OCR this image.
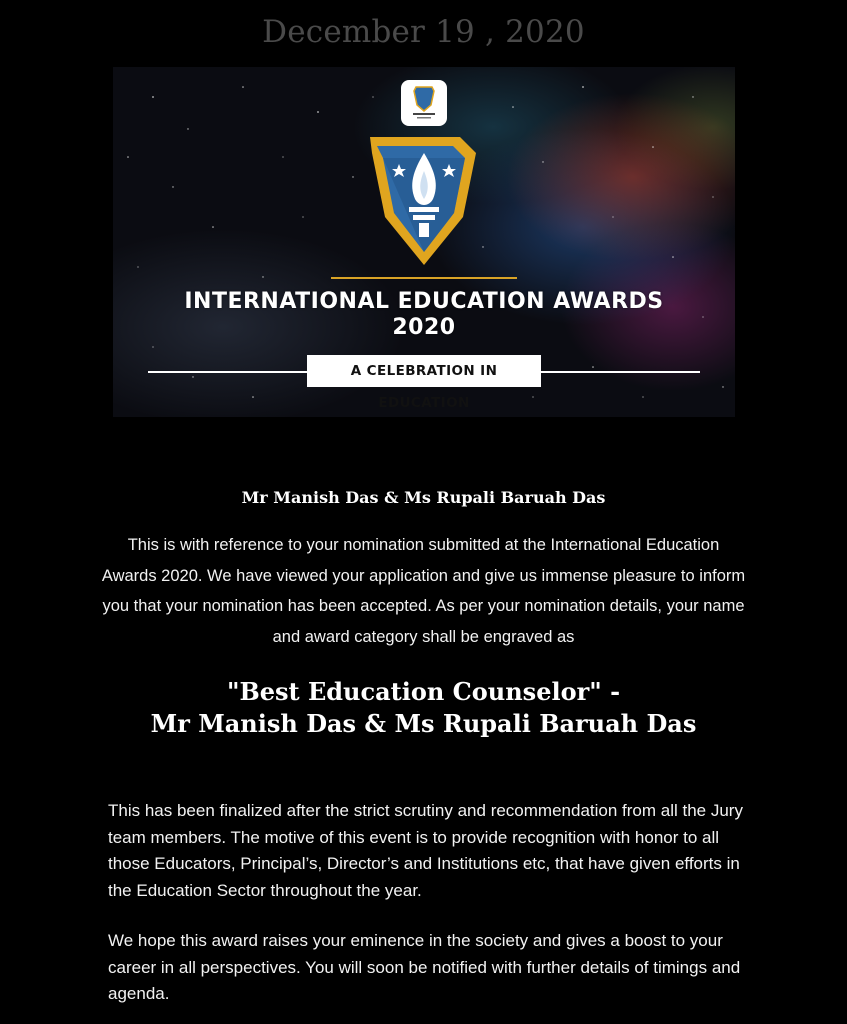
December 19 , 2020
INTERNATIONAL EDUCATION AWARDS
2020
A CELEBRATION IN EDUCATION
Mr Manish Das & Ms Rupali Baruah Das
This is with reference to your nomination submitted at the International Education Awards 2020. We have viewed your application and give us immense pleasure to inform you that your nomination has been accepted. As per your nomination details, your name and award category shall be engraved as
"Best Education Counselor" -
Mr Manish Das & Ms Rupali Baruah Das
This has been finalized after the strict scrutiny and recommendation from all the Jury team members. The motive of this event is to provide recognition with honor to all those Educators, Principal’s, Director’s and Institutions etc, that have given efforts in the Education Sector throughout the year.
We hope this award raises your eminence in the society and gives a boost to your career in all perspectives. You will soon be notified with further details of timings and agenda.
